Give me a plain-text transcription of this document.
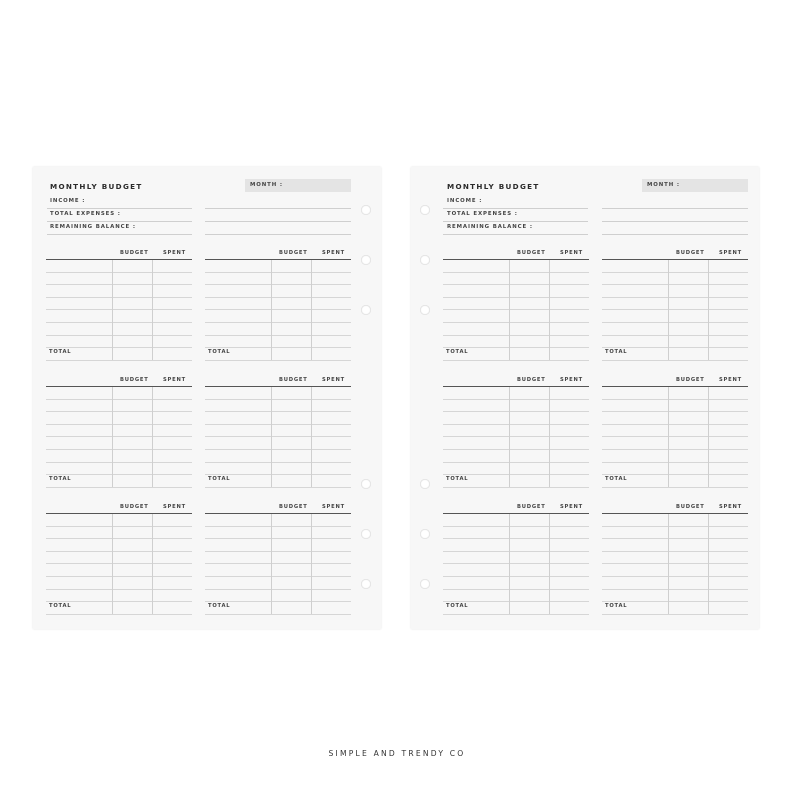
MONTHLY BUDGET	MONTH :
INCOME :
TOTAL EXPENSES :
REMAINING BALANCE :
BUDGET	SPENT
TOTAL
BUDGET	SPENT
TOTAL
BUDGET	SPENT
TOTAL
BUDGET	SPENT
TOTAL
BUDGET	SPENT
TOTAL
BUDGET	SPENT
TOTAL
MONTHLY BUDGET	MONTH :
INCOME :
TOTAL EXPENSES :
REMAINING BALANCE :
BUDGET	SPENT
TOTAL
BUDGET	SPENT
TOTAL
BUDGET	SPENT
TOTAL
BUDGET	SPENT
TOTAL
BUDGET	SPENT
TOTAL
BUDGET	SPENT
TOTAL
SIMPLE AND TRENDY CO
